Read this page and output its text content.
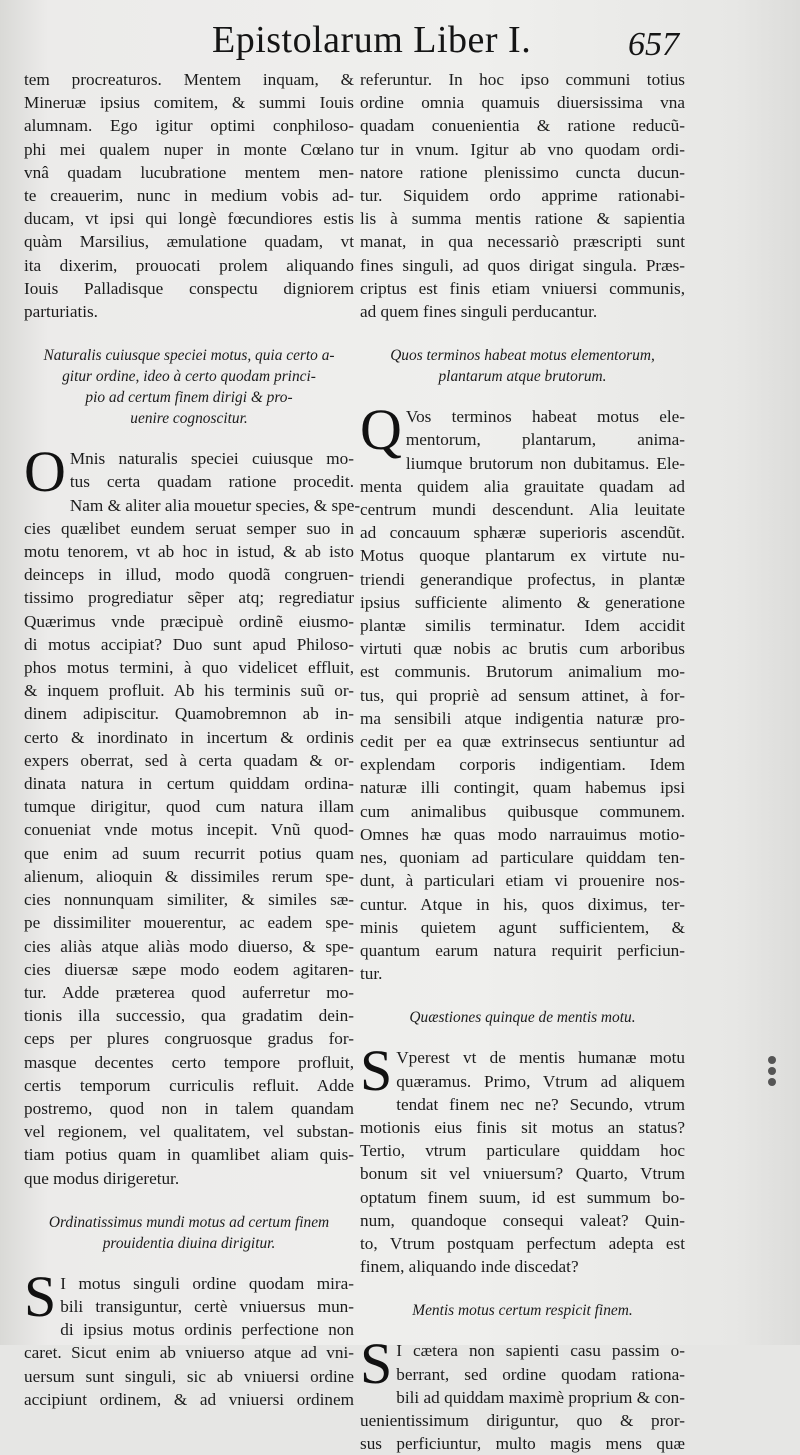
Epistolarum Liber I.	657
tem procreaturos. Mentem inquam, &
Mineruæ ipsius comitem, & summi Iouis
alumnam. Ego igitur optimi conphiloso-
phi mei qualem nuper in monte Cœlano
vnâ quadam lucubratione mentem men-
te creauerim, nunc in medium vobis ad-
ducam, vt ipsi qui longè fœcundiores estis
quàm Marsilius, æmulatione quadam, vt
ita dixerim, prouocati prolem aliquando
Iouis Palladisque conspectu digniorem
parturiatis.
Naturalis cuiusque speciei motus, quia certo a-
gitur ordine, ideo à certo quodam princi-
pio ad certum finem dirigi & pro-
uenire cognoscitur.
O Mnis naturalis speciei cuiusque mo-
tus certa quadam ratione procedit.
Nam & aliter alia mouetur species, & spe-
cies quælibet eundem seruat semper suo in
motu tenorem, vt ab hoc in istud, & ab isto
deinceps in illud, modo quodã congruen-
tissimo progrediatur sẽper atq; regrediatur
Quærimus vnde præcipuè ordinẽ eiusmo-
di motus accipiat? Duo sunt apud Philoso-
phos motus termini, à quo videlicet effluit,
& inquem profluit. Ab his terminis suũ or-
dinem adipiscitur. Quamobremnon ab in-
certo & inordinato in incertum & ordinis
expers oberrat, sed à certa quadam & or-
dinata natura in certum quiddam ordina-
tumque dirigitur, quod cum natura illam
conueniat vnde motus incepit. Vnũ quod-
que enim ad suum recurrit potius quam
alienum, alioquin & dissimiles rerum spe-
cies nonnunquam similiter, & similes sæ-
pe dissimiliter mouerentur, ac eadem spe-
cies aliàs atque aliàs modo diuerso, & spe-
cies diuersæ sæpe modo eodem agitaren-
tur. Adde præterea quod auferretur mo-
tionis illa successio, qua gradatim dein-
ceps per plures congruosque gradus for-
masque decentes certo tempore profluit,
certis temporum curriculis refluit. Adde
postremo, quod non in talem quandam
vel regionem, vel qualitatem, vel substan-
tiam potius quam in quamlibet aliam quis-
que modus dirigeretur.
Ordinatissimus mundi motus ad certum finem
prouidentia diuina dirigitur.
S I motus singuli ordine quodam mira-
bili transiguntur, certè vniuersus mun-
di ipsius motus ordinis perfectione non
caret. Sicut enim ab vniuerso atque ad vni-
uersum sunt singuli, sic ab vniuersi ordine
accipiunt ordinem, & ad vniuersi ordinem
referuntur. In hoc ipso communi totius
ordine omnia quamuis diuersissima vna
quadam conuenientia & ratione reducũ-
tur in vnum. Igitur ab vno quodam ordi-
natore ratione plenissimo cuncta ducun-
tur. Siquidem ordo apprime rationabi-
lis à summa mentis ratione & sapientia
manat, in qua necessariò præscripti sunt
fines singuli, ad quos dirigat singula. Præs-
criptus est finis etiam vniuersi communis,
ad quem fines singuli perducantur.
Quos terminos habeat motus elementorum,
plantarum atque brutorum.
Q Vos terminos habeat motus ele-
mentorum, plantarum, anima-
liumque brutorum non dubitamus. Ele-
menta quidem alia grauitate quadam ad
centrum mundi descendunt. Alia leuitate
ad concauum sphæræ superioris ascendũt.
Motus quoque plantarum ex virtute nu-
triendi generandique profectus, in plantæ
ipsius sufficiente alimento & generatione
plantæ similis terminatur. Idem accidit
virtuti quæ nobis ac brutis cum arboribus
est communis. Brutorum animalium mo-
tus, qui propriè ad sensum attinet, à for-
ma sensibili atque indigentia naturæ pro-
cedit per ea quæ extrinsecus sentiuntur ad
explendam corporis indigentiam. Idem
naturæ illi contingit, quam habemus ipsi
cum animalibus quibusque communem.
Omnes hæ quas modo narrauimus motio-
nes, quoniam ad particulare quiddam ten-
dunt, à particulari etiam vi prouenire nos-
cuntur. Atque in his, quos diximus, ter-
minis quietem agunt sufficientem, &
quantum earum natura requirit perficiun-
tur.
Quæstiones quinque de mentis motu.
S Vperest vt de mentis humanæ motu
quæramus. Primo, Vtrum ad aliquem
tendat finem nec ne? Secundo, vtrum
motionis eius finis sit motus an status?
Tertio, vtrum particulare quiddam hoc
bonum sit vel vniuersum? Quarto, Vtrum
optatum finem suum, id est summum bo-
num, quandoque consequi valeat? Quin-
to, Vtrum postquam perfectum adepta est
finem, aliquando inde discedat?
Mentis motus certum respicit finem.
S I cætera non sapienti casu passim o-
berrant, sed ordine quodam rationa-
bili ad quiddam maximè proprium & con-
uenientissimum diriguntur, quo & pror-
sus perficiuntur, multo magis mens quæ
